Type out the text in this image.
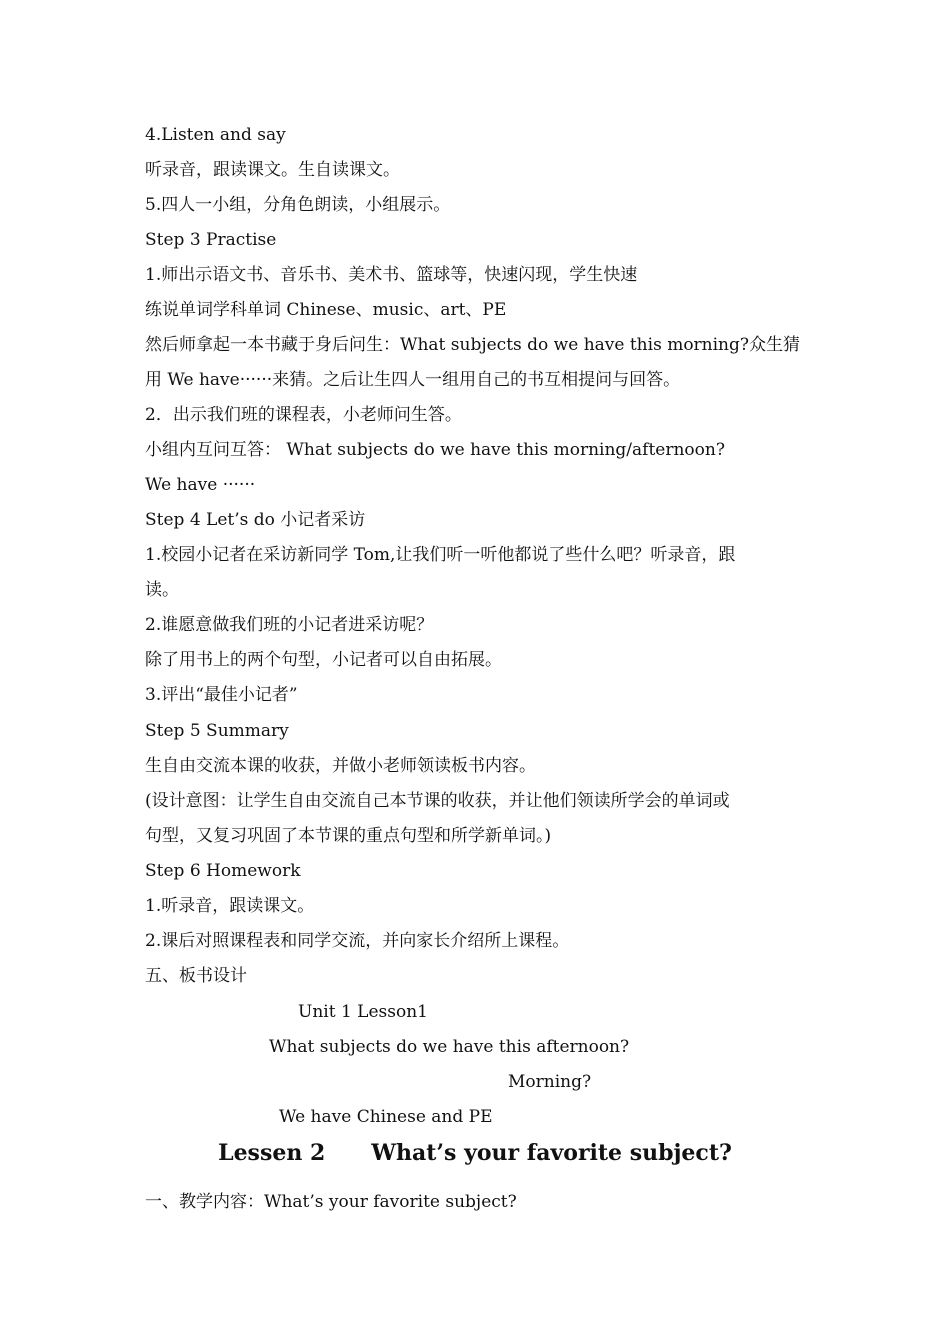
4.Listen and say
听录音，跟读课文。生自读课文。
5.四人一小组，分角色朗读，小组展示。
Step 3 Practise
1.师出示语文书、音乐书、美术书、篮球等，快速闪现，学生快速
练说单词学科单词 Chinese、music、art、PE
然后师拿起一本书藏于身后问生：What subjects do we have this morning?众生猜
用 We have······来猜。之后让生四人一组用自己的书互相提问与回答。
2．出示我们班的课程表，小老师问生答。
小组内互问互答： What subjects do we have this morning/afternoon?
We have ······
Step 4 Let’s do 小记者采访
1.校园小记者在采访新同学 Tom,让我们听一听他都说了些什么吧？听录音，跟
读。
2.谁愿意做我们班的小记者进采访呢？
除了用书上的两个句型，小记者可以自由拓展。
3.评出“最佳小记者”
Step 5 Summary
生自由交流本课的收获，并做小老师领读板书内容。
(设计意图：让学生自由交流自己本节课的收获，并让他们领读所学会的单词或
句型，又复习巩固了本节课的重点句型和所学新单词。)
Step 6 Homework
1.听录音，跟读课文。
2.课后对照课程表和同学交流，并向家长介绍所上课程。
五、板书设计
Unit 1 Lesson1
What subjects do we have this afternoon?
Morning?
We have Chinese and PE
Lessen 2      What’s your favorite subject?
一、教学内容：What’s your favorite subject?
